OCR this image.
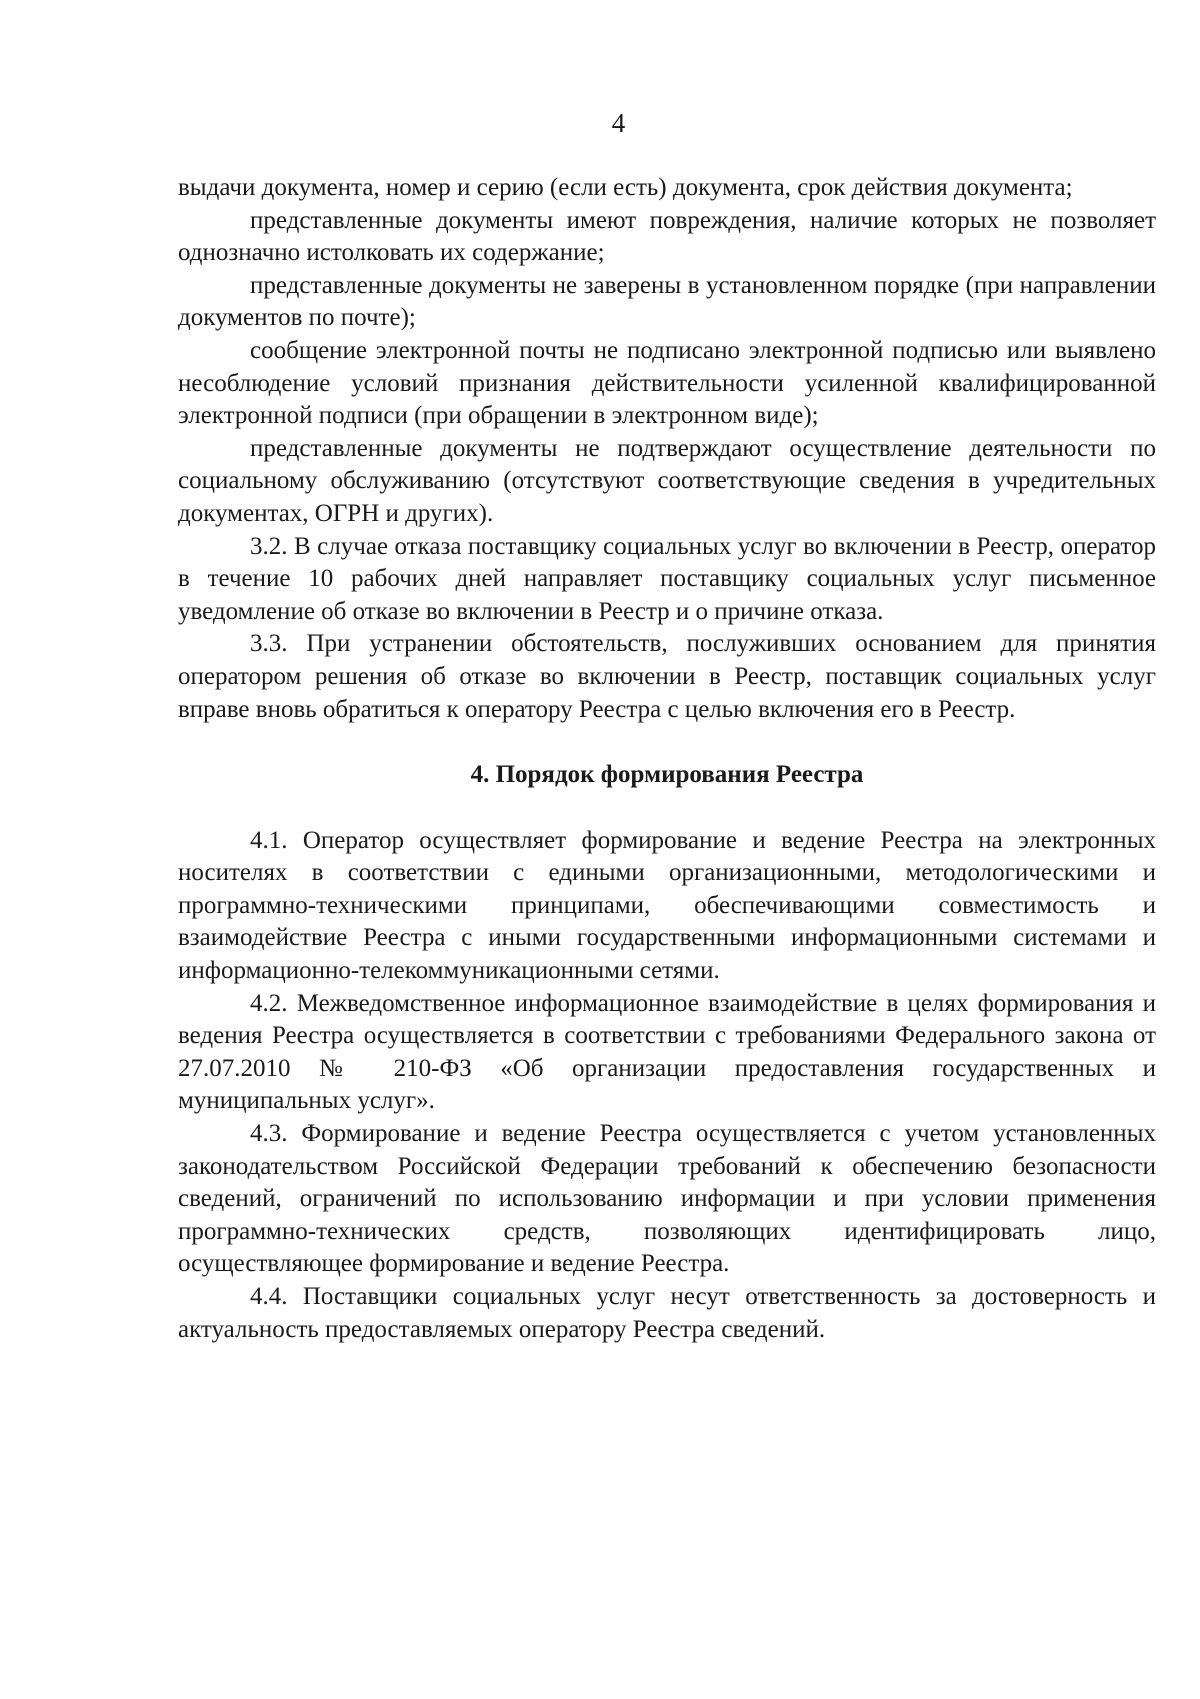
4

выдачи документа, номер и серию (если есть) документа, срок действия документа;

представленные документы имеют повреждения, наличие которых не позволяет однозначно истолковать их содержание;

представленные документы не заверены в установленном порядке (при направлении документов по почте);

сообщение электронной почты не подписано электронной подписью или выявлено несоблюдение условий признания действительности усиленной квалифицированной электронной подписи (при обращении в электронном виде);

представленные документы не подтверждают осуществление деятельности по социальному обслуживанию (отсутствуют соответствующие сведения в учредительных документах, ОГРН и других).

3.2. В случае отказа поставщику социальных услуг во включении в Реестр, оператор в течение 10 рабочих дней направляет поставщику социальных услуг письменное уведомление об отказе во включении в Реестр и о причине отказа.

3.3. При устранении обстоятельств, послуживших основанием для принятия оператором решения об отказе во включении в Реестр, поставщик социальных услуг вправе вновь обратиться к оператору Реестра с целью включения его в Реестр.

4. Порядок формирования Реестра

4.1. Оператор осуществляет формирование и ведение Реестра на электронных носителях в соответствии с едиными организационными, методологическими и программно-техническими принципами, обеспечивающими совместимость и взаимодействие Реестра с иными государственными информационными системами и информационно-телекоммуникационными сетями.

4.2. Межведомственное информационное взаимодействие в целях формирования и ведения Реестра осуществляется в соответствии с требованиями Федерального закона от 27.07.2010 № 210-ФЗ «Об организации предоставления государственных и муниципальных услуг».

4.3. Формирование и ведение Реестра осуществляется с учетом установленных законодательством Российской Федерации требований к обеспечению безопасности сведений, ограничений по использованию информации и при условии применения программно-технических средств, позволяющих идентифицировать лицо, осуществляющее формирование и ведение Реестра.

4.4. Поставщики социальных услуг несут ответственность за достоверность и актуальность предоставляемых оператору Реестра сведений.
